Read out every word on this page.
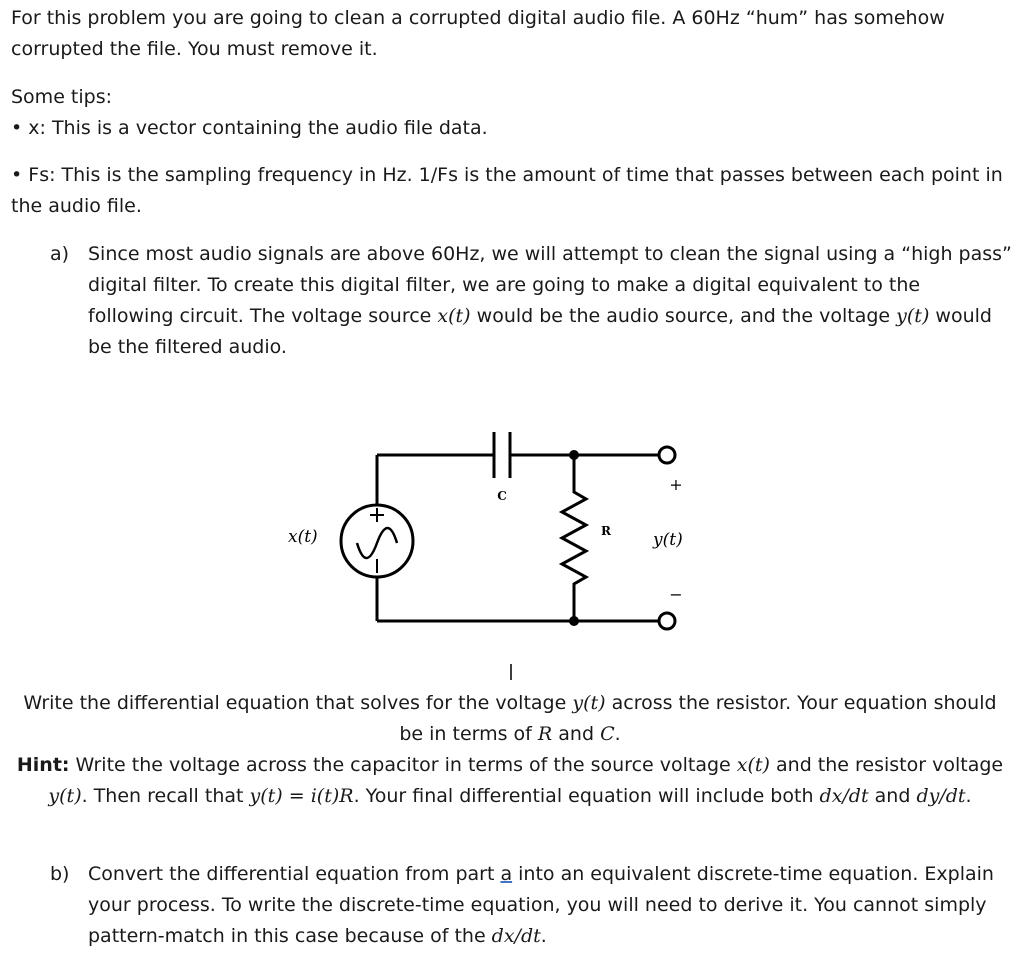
For this problem you are going to clean a corrupted digital audio file. A 60Hz “hum” has somehow
corrupted the file. You must remove it.
Some tips:
• x: This is a vector containing the audio file data.
• Fs: This is the sampling frequency in Hz. 1/Fs is the amount of time that passes between each point in
the audio file.
a) Since most audio signals are above 60Hz, we will attempt to clean the signal using a “high pass”
digital filter. To create this digital filter, we are going to make a digital equivalent to the
following circuit. The voltage source x(t) would be the audio source, and the voltage y(t) would
be the filtered audio.
x(t)
C
R
+
y(t)
−
Write the differential equation that solves for the voltage y(t) across the resistor. Your equation should
be in terms of R and C.
Hint: Write the voltage across the capacitor in terms of the source voltage x(t) and the resistor voltage
y(t). Then recall that y(t) = i(t)R. Your final differential equation will include both dx/dt and dy/dt.
b) Convert the differential equation from part a into an equivalent discrete-time equation. Explain
your process. To write the discrete-time equation, you will need to derive it. You cannot simply
pattern-match in this case because of the dx/dt.
